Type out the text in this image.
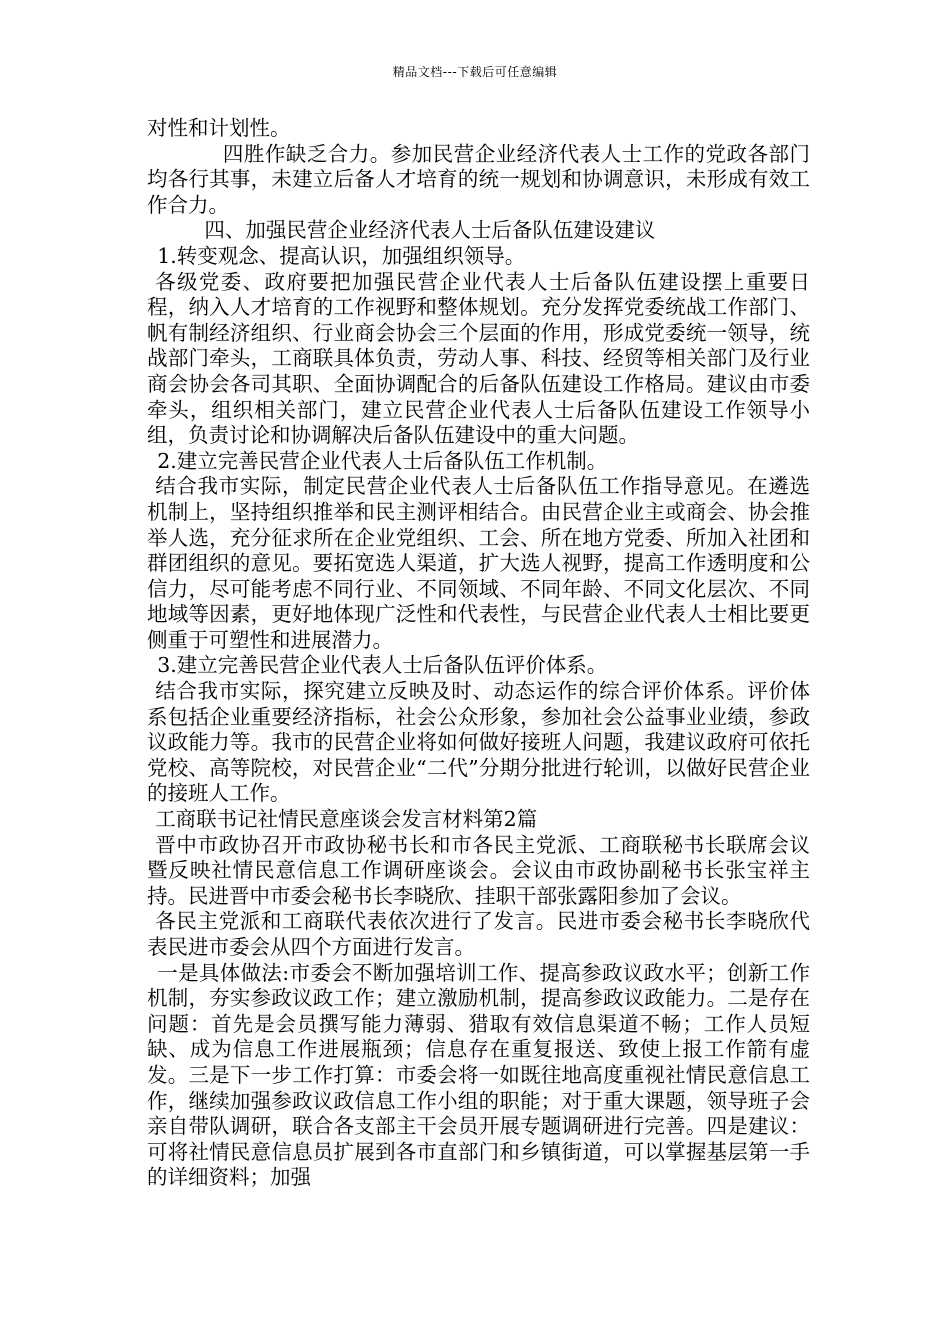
精品文档---下载后可任意编辑

对性和计划性。

四胜作缺乏合力。参加民营企业经济代表人士工作的党政各部门均各行其事，未建立后备人才培育的统一规划和协调意识，未形成有效工作合力。

四、加强民营企业经济代表人士后备队伍建设建议

1.转变观念、提高认识，加强组织领导。

各级党委、政府要把加强民营企业代表人士后备队伍建设摆上重要日程，纳入人才培育的工作视野和整体规划。充分发挥党委统战工作部门、帆有制经济组织、行业商会协会三个层面的作用，形成党委统一领导，统战部门牵头，工商联具体负责，劳动人事、科技、经贸等相关部门及行业商会协会各司其职、全面协调配合的后备队伍建设工作格局。建议由市委牵头，组织相关部门，建立民营企业代表人士后备队伍建设工作领导小组，负责讨论和协调解决后备队伍建设中的重大问题。

2.建立完善民营企业代表人士后备队伍工作机制。

结合我市实际，制定民营企业代表人士后备队伍工作指导意见。在遴选机制上，坚持组织推举和民主测评相结合。由民营企业主或商会、协会推举人选，充分征求所在企业党组织、工会、所在地方党委、所加入社团和群团组织的意见。要拓宽选人渠道，扩大选人视野，提高工作透明度和公信力，尽可能考虑不同行业、不同领域、不同年龄、不同文化层次、不同地域等因素，更好地体现广泛性和代表性，与民营企业代表人士相比要更侧重于可塑性和进展潜力。

3.建立完善民营企业代表人士后备队伍评价体系。

结合我市实际，探究建立反映及时、动态运作的综合评价体系。评价体系包括企业重要经济指标，社会公众形象，参加社会公益事业业绩，参政议政能力等。我市的民营企业将如何做好接班人问题，我建议政府可依托党校、高等院校，对民营企业“二代”分期分批进行轮训，以做好民营企业的接班人工作。

工商联书记社情民意座谈会发言材料第2篇

晋中市政协召开市政协秘书长和市各民主党派、工商联秘书长联席会议暨反映社情民意信息工作调研座谈会。会议由市政协副秘书长张宝祥主持。民进晋中市委会秘书长李晓欣、挂职干部张露阳参加了会议。

各民主党派和工商联代表依次进行了发言。民进市委会秘书长李晓欣代表民进市委会从四个方面进行发言。

一是具体做法:市委会不断加强培训工作、提高参政议政水平；创新工作机制，夯实参政议政工作；建立激励机制，提高参政议政能力。二是存在问题：首先是会员撰写能力薄弱、猎取有效信息渠道不畅；工作人员短缺、成为信息工作进展瓶颈；信息存在重复报送、致使上报工作箭有虚发。三是下一步工作打算：市委会将一如既往地高度重视社情民意信息工作，继续加强参政议政信息工作小组的职能；对于重大课题，领导班子会亲自带队调研，联合各支部主干会员开展专题调研进行完善。四是建议：可将社情民意信息员扩展到各市直部门和乡镇街道，可以掌握基层第一手的详细资料；加强
